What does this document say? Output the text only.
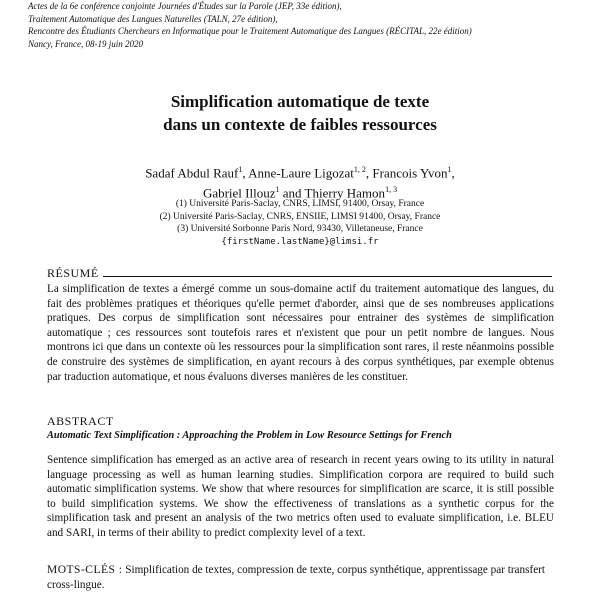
Actes de la 6e conférence conjointe Journées d'Études sur la Parole (JEP, 33e édition),
Traitement Automatique des Langues Naturelles (TALN, 27e édition),
Rencontre des Étudiants Chercheurs en Informatique pour le Traitement Automatique des Langues (RÉCITAL, 22e édition)
Nancy, France, 08-19 juin 2020
Simplification automatique de texte
dans un contexte de faibles ressources
Sadaf Abdul Rauf$^1$, Anne-Laure Ligozat$^{1, 2}$, Francois Yvon$^1$,
Gabriel Illouz$^1$ and Thierry Hamon$^{1, 3}$
(1) Université Paris-Saclay, CNRS, LIMSI, 91400, Orsay, France
(2) Université Paris-Saclay, CNRS, ENSIIE, LIMSI 91400, Orsay, France
(3) Université Sorbonne Paris Nord, 93430, Villetaneuse, France
{firstName.lastName}@limsi.fr
RÉSUMÉ
La simplification de textes a émergé comme un sous-domaine actif du traitement automatique des langues, du fait des problèmes pratiques et théoriques qu'elle permet d'aborder, ainsi que de ses nombreuses applications pratiques. Des corpus de simplification sont nécessaires pour entrainer des systèmes de simplification automatique ; ces ressources sont toutefois rares et n'existent que pour un petit nombre de langues. Nous montrons ici que dans un contexte où les ressources pour la simplification sont rares, il reste néanmoins possible de construire des systèmes de simplification, en ayant recours à des corpus synthétiques, par exemple obtenus par traduction automatique, et nous évaluons diverses manières de les constituer.
ABSTRACT
Automatic Text Simplification : Approaching the Problem in Low Resource Settings for French
Sentence simplification has emerged as an active area of research in recent years owing to its utility in natural language processing as well as human learning studies. Simplification corpora are required to build such automatic simplification systems. We show that where resources for simplification are scarce, it is still possible to build simplification systems. We show the effectiveness of translations as a synthetic corpus for the simplification task and present an analysis of the two metrics often used to evaluate simplification, i.e. BLEU and SARI, in terms of their ability to predict complexity level of a text.
MOTS-CLÉS : Simplification de textes, compression de texte, corpus synthétique, apprentissage par transfert cross-lingue.
